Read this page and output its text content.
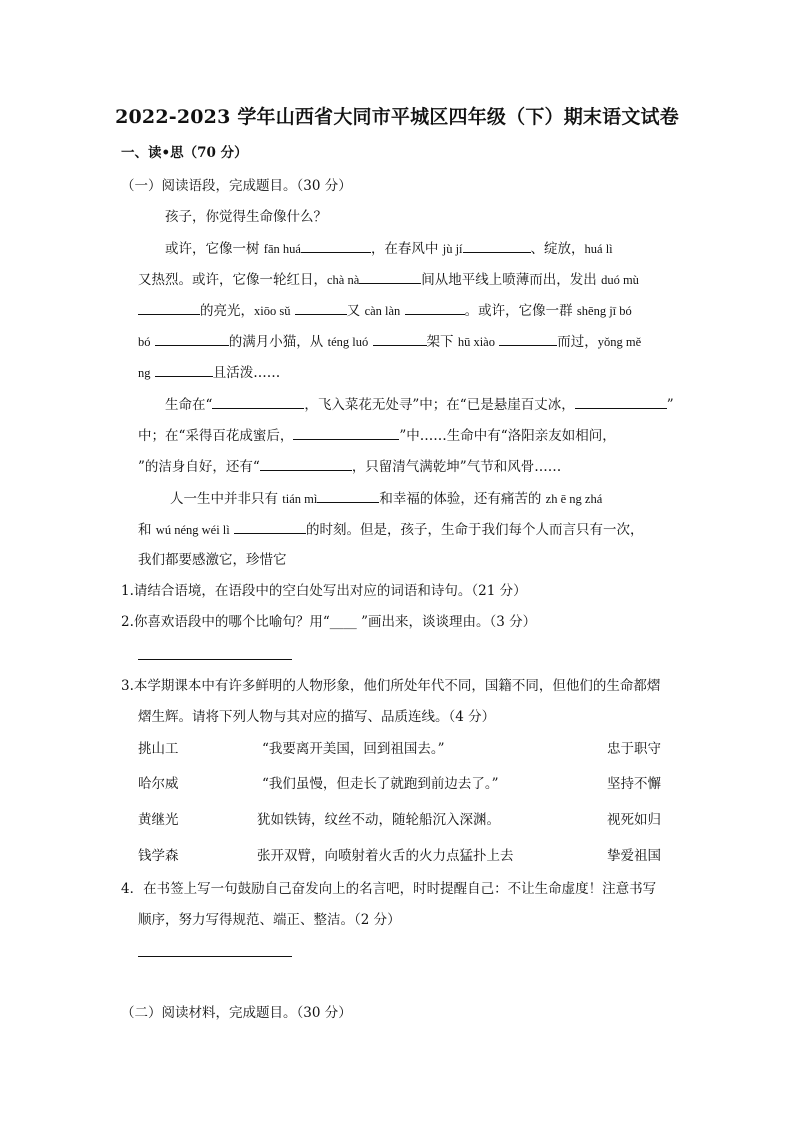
2022-2023 学年山西省大同市平城区四年级（下）期末语文试卷
一、读•思（70 分）
（一）阅读语段，完成题目。（30 分）
孩子，你觉得生命像什么？
或许，它像一树 fān huá	，在春风中 jù jí	、绽放，huá lì
又热烈。或许，它像一轮红日，chà nà	间从地平线上喷薄而出，发出 duó mù
的亮光，xiōo sǔ	又 càn làn	。或许，它像一群 shēng jī bó
bó	的满月小猫，从 téng luó	架下 hū xiào	而过，yǒng mě
ng	且活泼……
生命在“	，飞入菜花无处寻”中；在“已是悬崖百丈冰，	”
中；在“采得百花成蜜后，	”中……生命中有“洛阳亲友如相问，
”的洁身自好，还有“	，只留清气满乾坤”气节和风骨……
人一生中并非只有 tián mì	和幸福的体验，还有痛苦的 zh ē ng zhá
和 wú néng wéi lì	的时刻。但是，孩子，生命于我们每个人而言只有一次，
我们都要感激它，珍惜它
1.请结合语境，在语段中的空白处写出对应的词语和诗句。（21 分）
2.你喜欢语段中的哪个比喻句？用“____ ”画出来，谈谈理由。（3 分）
3.本学期课本中有许多鲜明的人物形象，他们所处年代不同，国籍不同，但他们的生命都熠
熠生辉。请将下列人物与其对应的描写、品质连线。（4 分）
挑山工	“我要离开美国，回到祖国去。”	忠于职守
哈尔威	“我们虽慢，但走长了就跑到前边去了。”	坚持不懈
黄继光	犹如铁铸，纹丝不动，随轮船沉入深渊。	视死如归
钱学森	张开双臂，向喷射着火舌的火力点猛扑上去	挚爱祖国
4．在书签上写一句鼓励自己奋发向上的名言吧，时时提醒自己：不让生命虚度！注意书写
顺序，努力写得规范、端正、整洁。（2 分）
（二）阅读材料，完成题目。（30 分）
